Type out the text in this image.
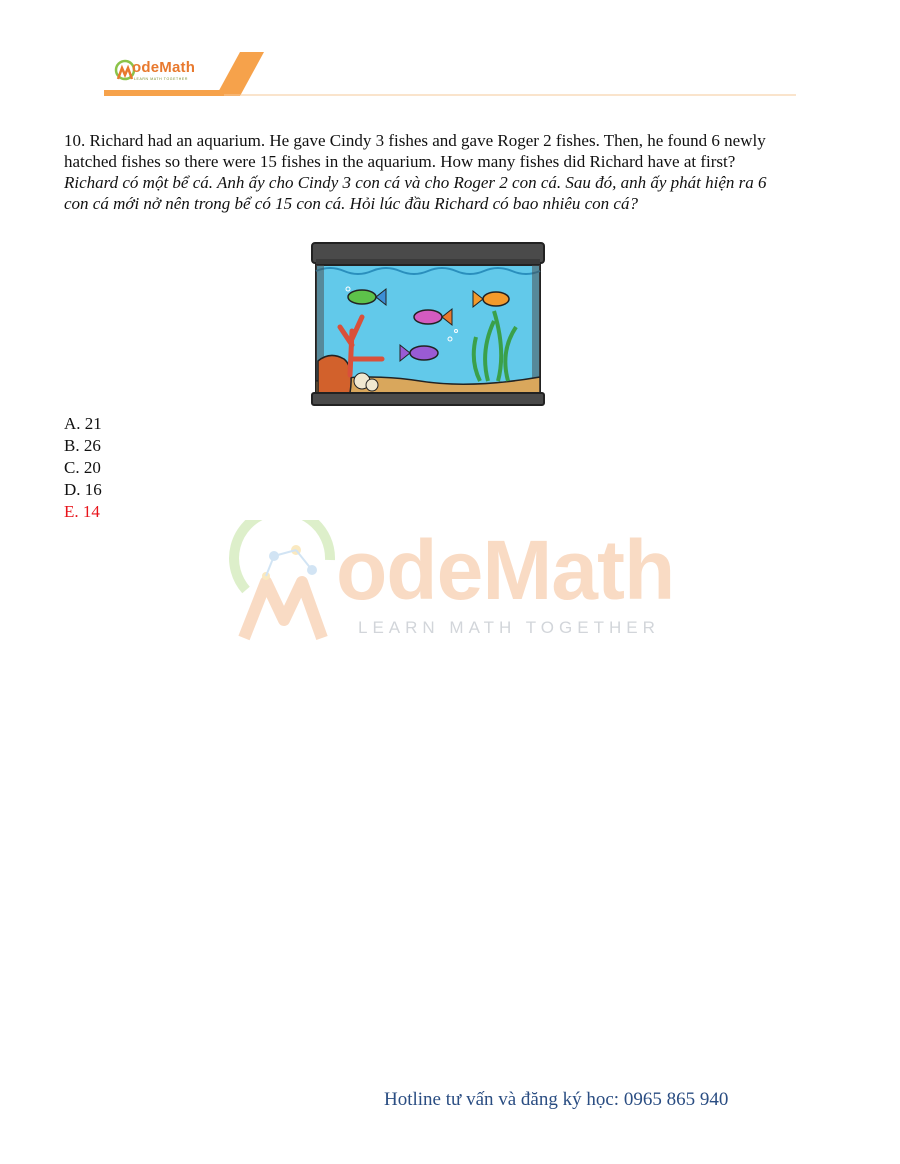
odeMath
LEARN MATH TOGETHER

10. Richard had an aquarium. He gave Cindy 3 fishes and gave Roger 2 fishes. Then, he found 6 newly hatched fishes so there were 15 fishes in the aquarium. How many fishes did Richard have at first?

Richard có một bể cá. Anh ấy cho Cindy 3 con cá và cho Roger 2 con cá. Sau đó, anh ấy phát hiện ra 6 con cá mới nở nên trong bể có 15 con cá. Hỏi lúc đầu Richard có bao nhiêu con cá?

A. 21
B. 26
C. 20
D. 16
E. 14
odeMath
LEARN MATH TOGETHER
Hotline tư vấn và đăng ký học: 0965 865 940
